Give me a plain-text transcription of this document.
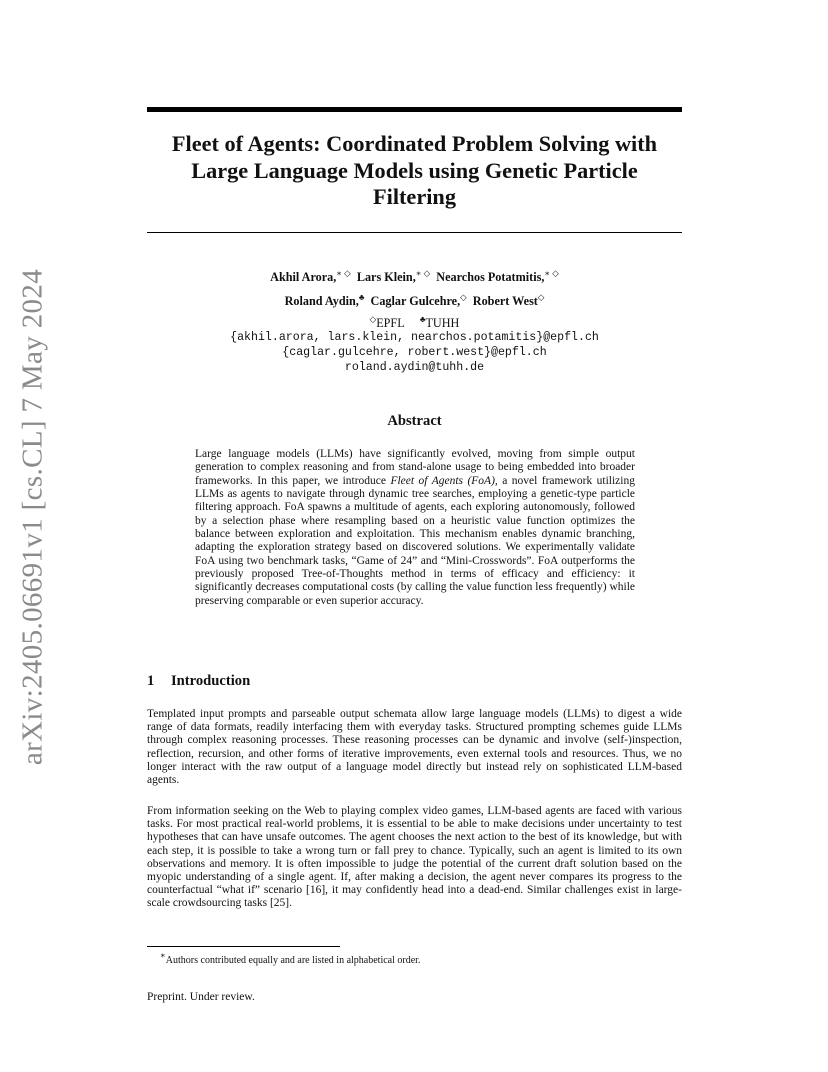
arXiv:2405.06691v1 [cs.CL] 7 May 2024
Fleet of Agents: Coordinated Problem Solving with
Large Language Models using Genetic Particle
Filtering
Akhil Arora,∗ ◇ Lars Klein,∗ ◇ Nearchos Potatmitis,∗ ◇
Roland Aydin,♣ Caglar Gulcehre,◇ Robert West◇
◇EPFL ♣TUHH
{akhil.arora, lars.klein, nearchos.potamitis}@epfl.ch
{caglar.gulcehre, robert.west}@epfl.ch
roland.aydin@tuhh.de
Abstract
Large language models (LLMs) have significantly evolved, moving from simple output generation to complex reasoning and from stand-alone usage to being embedded into broader frameworks. In this paper, we introduce Fleet of Agents (FoA), a novel framework utilizing LLMs as agents to navigate through dynamic tree searches, employing a genetic-type particle filtering approach. FoA spawns a multitude of agents, each exploring autonomously, followed by a selection phase where resampling based on a heuristic value function optimizes the balance between exploration and exploitation. This mechanism enables dynamic branching, adapting the exploration strategy based on discovered solutions. We experimentally validate FoA using two benchmark tasks, “Game of 24” and “Mini-Crosswords”. FoA outperforms the previously proposed Tree-of-Thoughts method in terms of efficacy and efficiency: it significantly decreases computational costs (by calling the value function less frequently) while preserving comparable or even superior accuracy.
1 Introduction
Templated input prompts and parseable output schemata allow large language models (LLMs) to digest a wide range of data formats, readily interfacing them with everyday tasks. Structured prompting schemes guide LLMs through complex reasoning processes. These reasoning processes can be dynamic and involve (self-)inspection, reflection, recursion, and other forms of iterative improvements, even external tools and resources. Thus, we no longer interact with the raw output of a language model directly but instead rely on sophisticated LLM-based agents.
From information seeking on the Web to playing complex video games, LLM-based agents are faced with various tasks. For most practical real-world problems, it is essential to be able to make decisions under uncertainty to test hypotheses that can have unsafe outcomes. The agent chooses the next action to the best of its knowledge, but with each step, it is possible to take a wrong turn or fall prey to chance. Typically, such an agent is limited to its own observations and memory. It is often impossible to judge the potential of the current draft solution based on the myopic understanding of a single agent. If, after making a decision, the agent never compares its progress to the counterfactual “what if” scenario [16], it may confidently head into a dead-end. Similar challenges exist in large-scale crowdsourcing tasks [25].
∗Authors contributed equally and are listed in alphabetical order.
Preprint. Under review.
